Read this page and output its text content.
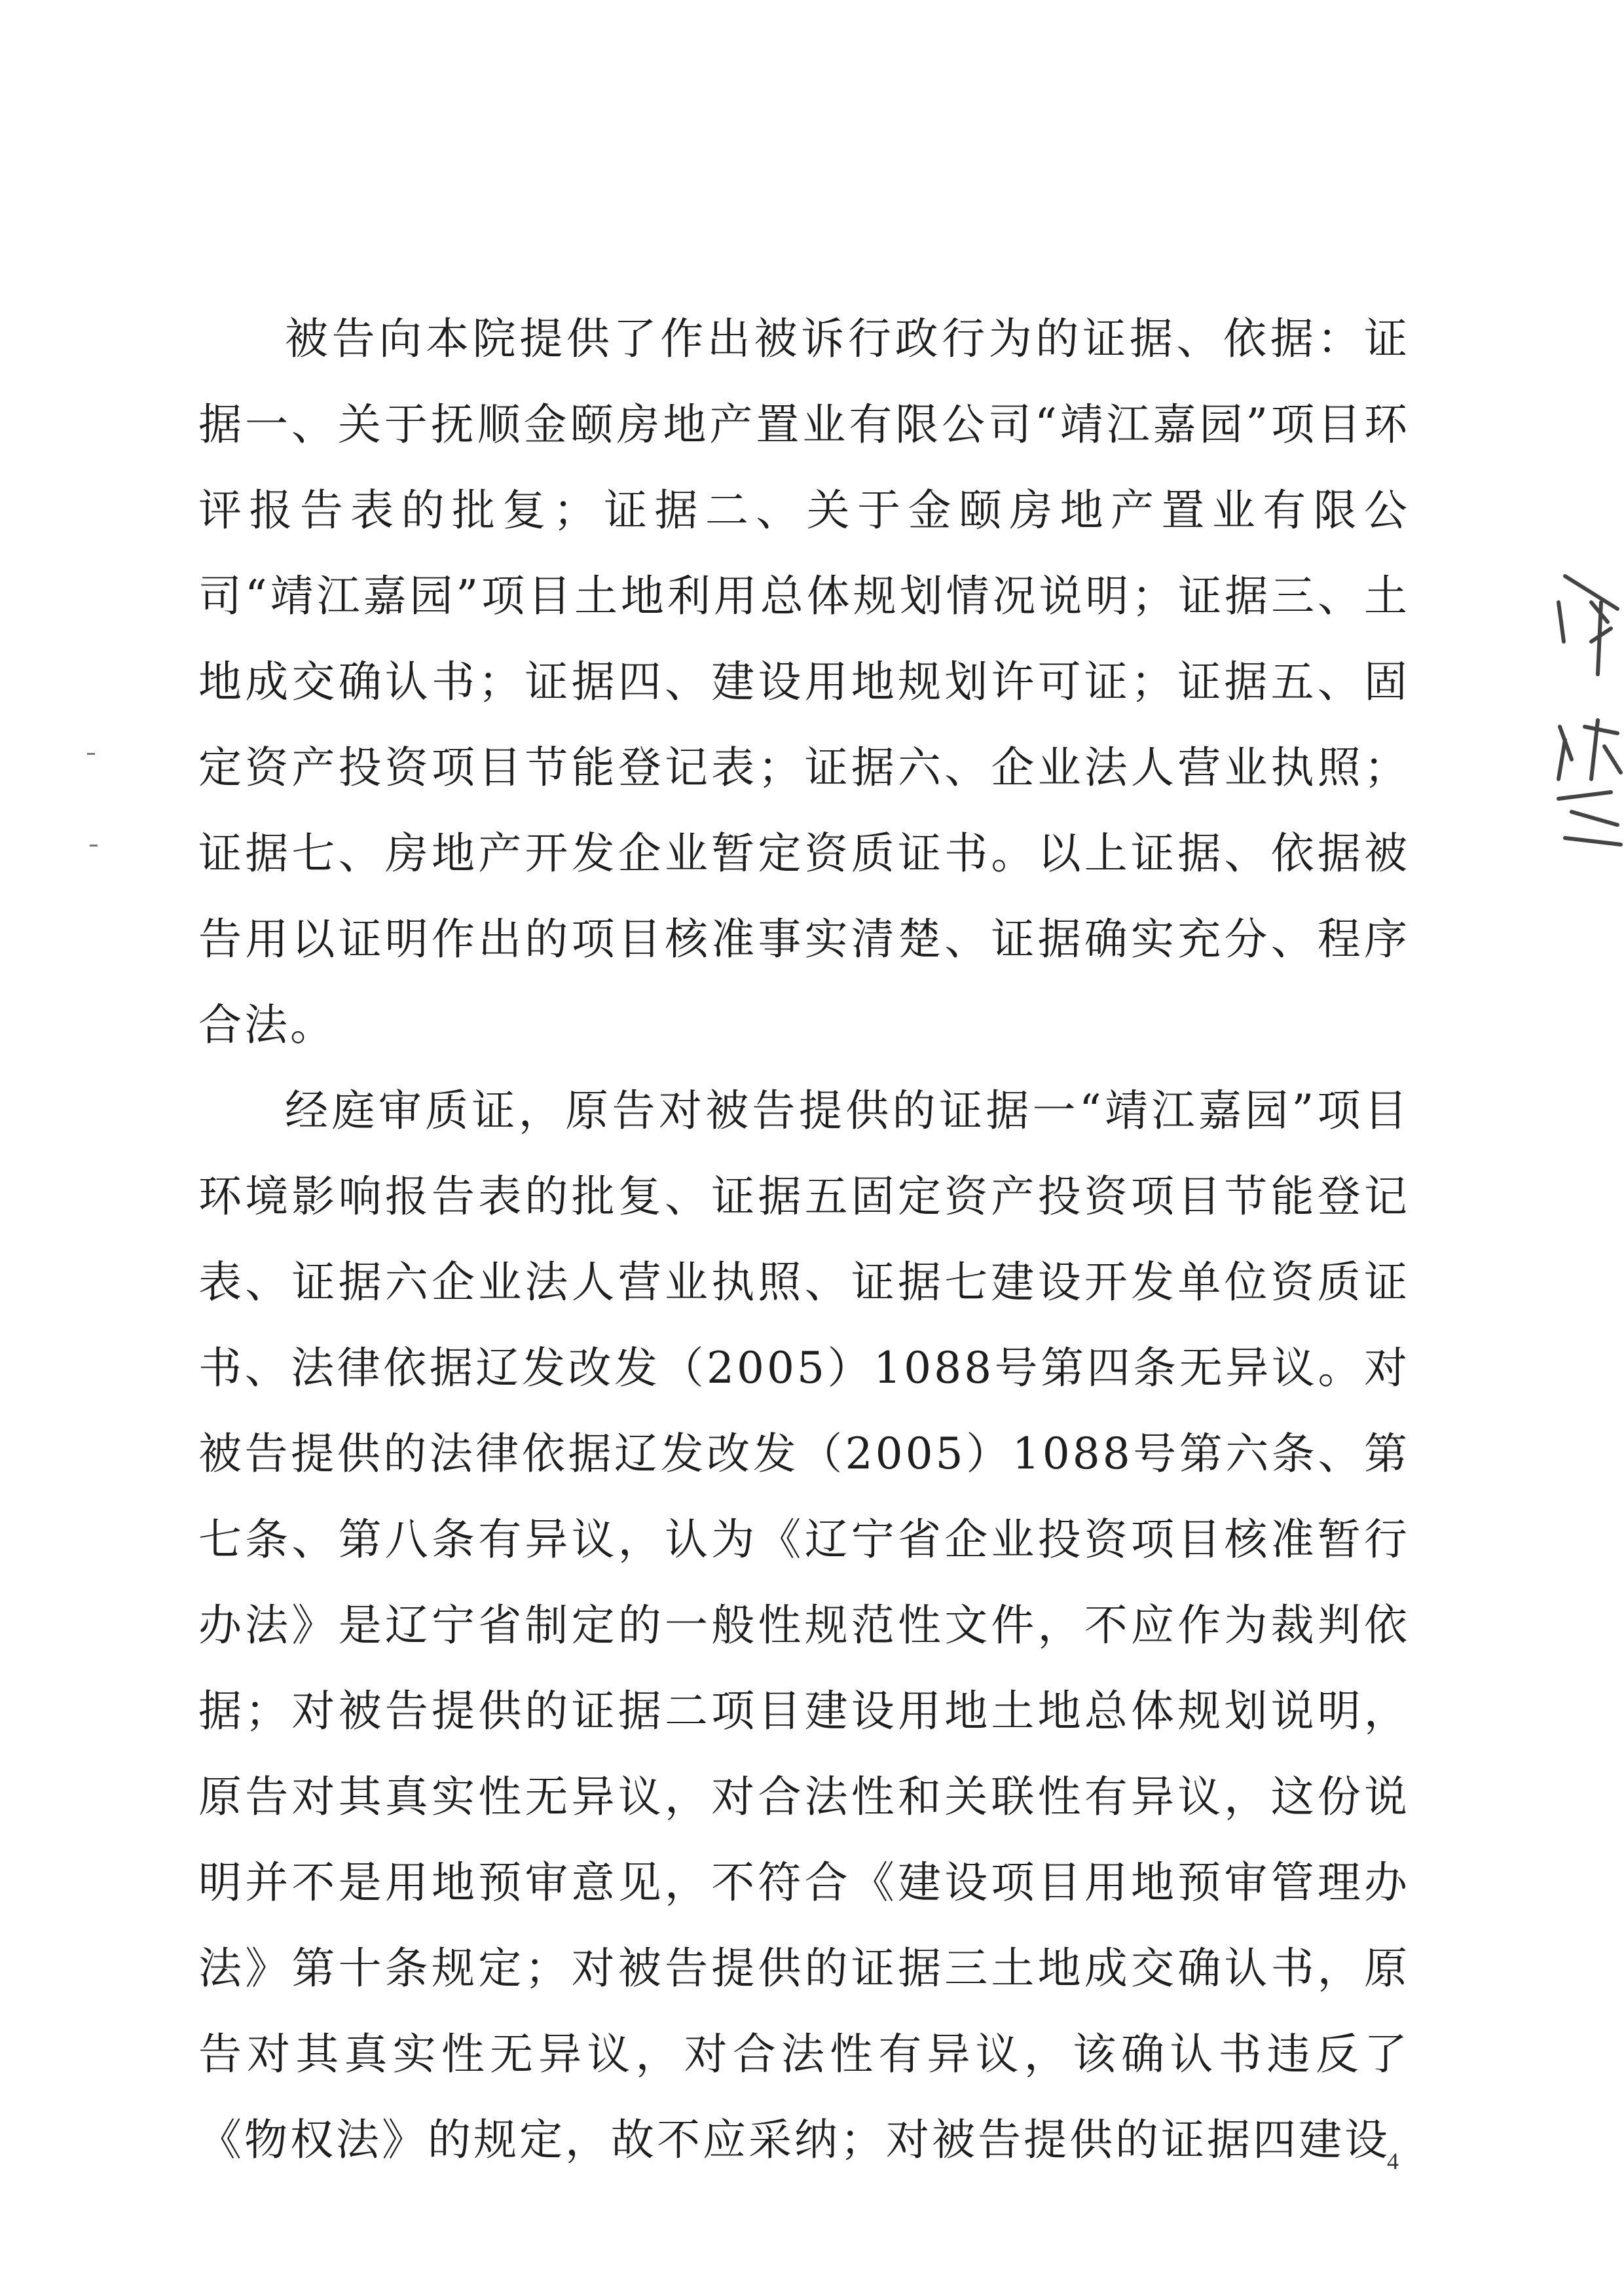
被告向本院提供了作出被诉行政行为的证据、依据：证据一、关于抚顺金颐房地产置业有限公司“靖江嘉园”项目环评报告表的批复；证据二、关于金颐房地产置业有限公司“靖江嘉园”项目土地利用总体规划情况说明；证据三、土地成交确认书；证据四、建设用地规划许可证；证据五、固定资产投资项目节能登记表；证据六、企业法人营业执照；证据七、房地产开发企业暂定资质证书。以上证据、依据被告用以证明作出的项目核准事实清楚、证据确实充分、程序合法。

经庭审质证，原告对被告提供的证据一“靖江嘉园”项目环境影响报告表的批复、证据五固定资产投资项目节能登记表、证据六企业法人营业执照、证据七建设开发单位资质证书、法律依据辽发改发（2005）1088号第四条无异议。对被告提供的法律依据辽发改发（2005）1088号第六条、第七条、第八条有异议，认为《辽宁省企业投资项目核准暂行办法》是辽宁省制定的一般性规范性文件，不应作为裁判依据；对被告提供的证据二项目建设用地土地总体规划说明，原告对其真实性无异议，对合法性和关联性有异议，这份说明并不是用地预审意见，不符合《建设项目用地预审管理办法》第十条规定；对被告提供的证据三土地成交确认书，原告对其真实性无异议，对合法性有异议，该确认书违反了《物权法》的规定，故不应采纳；对被告提供的证据四建设

4
